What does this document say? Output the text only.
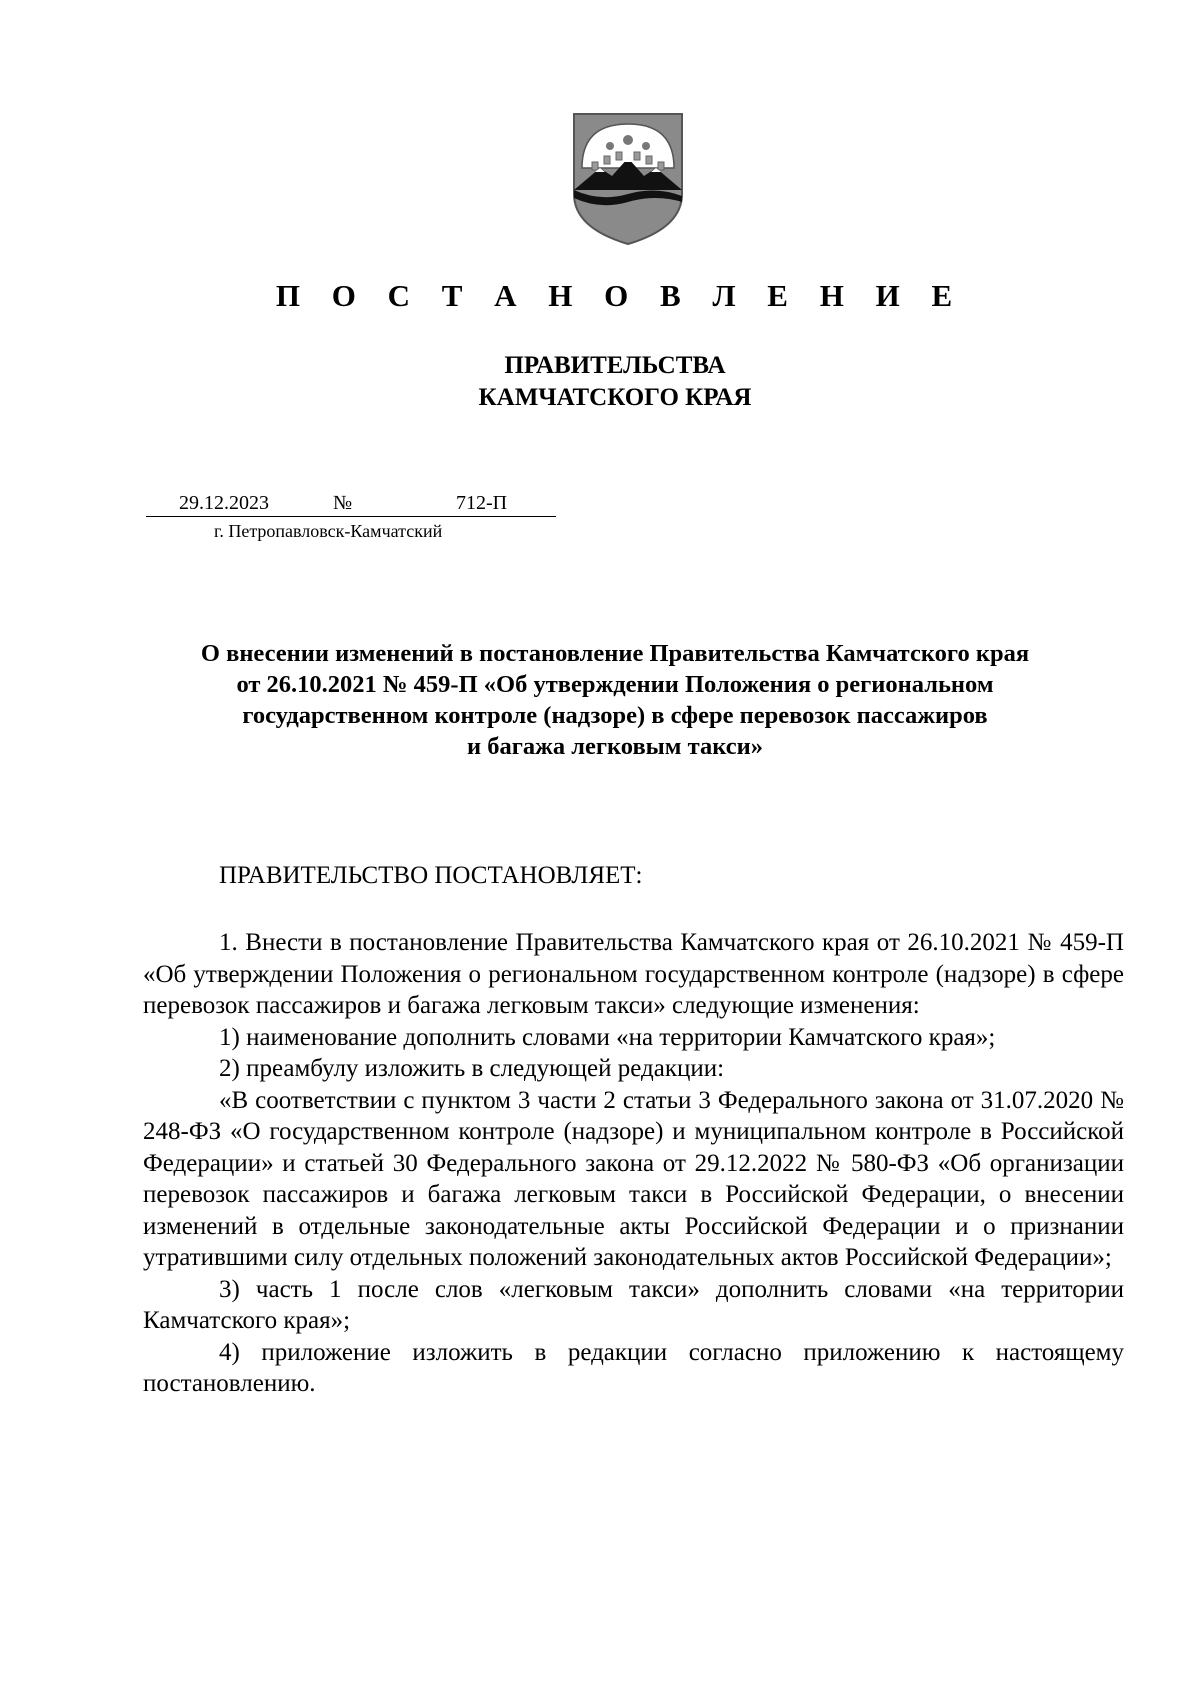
П О С Т А Н О В Л Е Н И Е
ПРАВИТЕЛЬСТВА
КАМЧАТСКОГО КРАЯ
29.12.2023	№	712-П
г. Петропавловск-Камчатский
О внесении изменений в постановление Правительства Камчатского края
от 26.10.2021 № 459-П «Об утверждении Положения о региональном
государственном контроле (надзоре) в сфере перевозок пассажиров
и багажа легковым такси»
ПРАВИТЕЛЬСТВО ПОСТАНОВЛЯЕТ:

1. Внести в постановление Правительства Камчатского края от 26.10.2021 № 459-П «Об утверждении Положения о региональном государственном контроле (надзоре) в сфере перевозок пассажиров и багажа легковым такси» следующие изменения:

1) наименование дополнить словами «на территории Камчатского края»;

2) преамбулу изложить в следующей редакции:

«В соответствии с пунктом 3 части 2 статьи 3 Федерального закона от 31.07.2020 № 248-ФЗ «О государственном контроле (надзоре) и муниципальном контроле в Российской Федерации» и статьей 30 Федерального закона от 29.12.2022 № 580-ФЗ «Об организации перевозок пассажиров и багажа легковым такси в Российской Федерации, о внесении изменений в отдельные законодательные акты Российской Федерации и о признании утратившими силу отдельных положений законодательных актов Российской Федерации»;

3) часть 1 после слов «легковым такси» дополнить словами «на территории Камчатского края»;

4) приложение изложить в редакции согласно приложению к настоящему постановлению.
